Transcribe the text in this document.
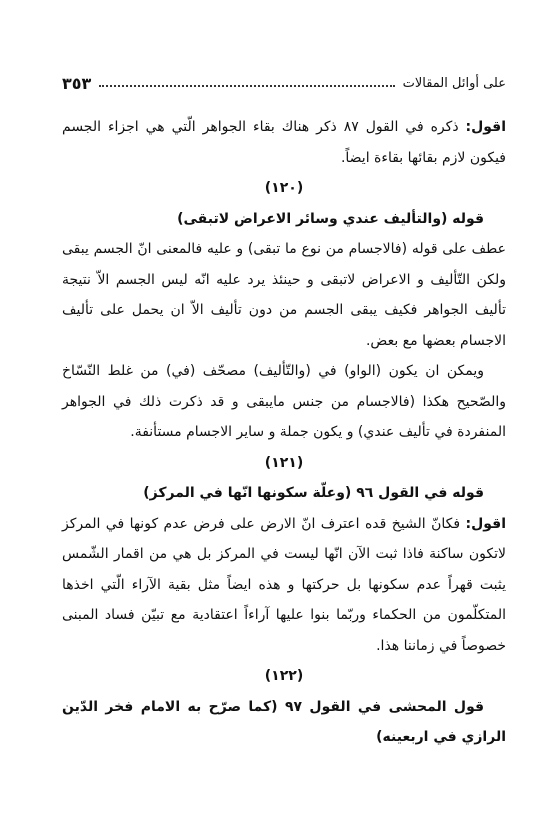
على أوائل المقالات
٣٥٣

اقول: ذكره في القول ٨٧ ذكر هناك بقاء الجواهر الّتي هي اجزاء الجسم فيكون لازم بقائها بقاءة ايضاً.

(١٢٠)

قوله (والتأليف عندي وسائر الاعراض لاتبقى)

عطف على قوله (فالاجسام من نوع ما تبقى) و عليه فالمعنى انّ الجسم يبقى ولكن التّأليف و الاعراض لاتبقى و حينئذ يرد عليه انّه ليس الجسم الاّ نتيجة تأليف الجواهر فكيف يبقى الجسم من دون تأليف الاّ ان يحمل على تأليف الاجسام بعضها مع بعض.

ويمكن ان يكون (الواو) في (والتّأليف) مصحّف (في) من غلط النّسّاخ والصّحيح هكذا (فالاجسام من جنس مايبقى و قد ذكرت ذلك في الجواهر المنفردة في تأليف عندي) و يكون جملة و ساير الاجسام مستأنفة.

(١٢١)

قوله في القول ٩٦ (وعلّة سكونها انّها في المركز)

اقول: فكانّ الشيخ قده اعترف انّ الارض على فرض عدم كونها في المركز لاتكون ساكنة فاذا ثبت الآن انّها ليست في المركز بل هي من اقمار الشّمس يثبت قهراً عدم سكونها بل حركتها و هذه ايضاً مثل بقية الآراء الّتي اخذها المتكلّمون من الحكماء وربّما بنوا عليها آراءاً اعتقادية مع تبيّن فساد المبنى خصوصاً في زماننا هذا.

(١٢٢)

قول المحشى في القول ٩٧ (كما صرّح به الامام فخر الدّين الرازي في اربعينه)
